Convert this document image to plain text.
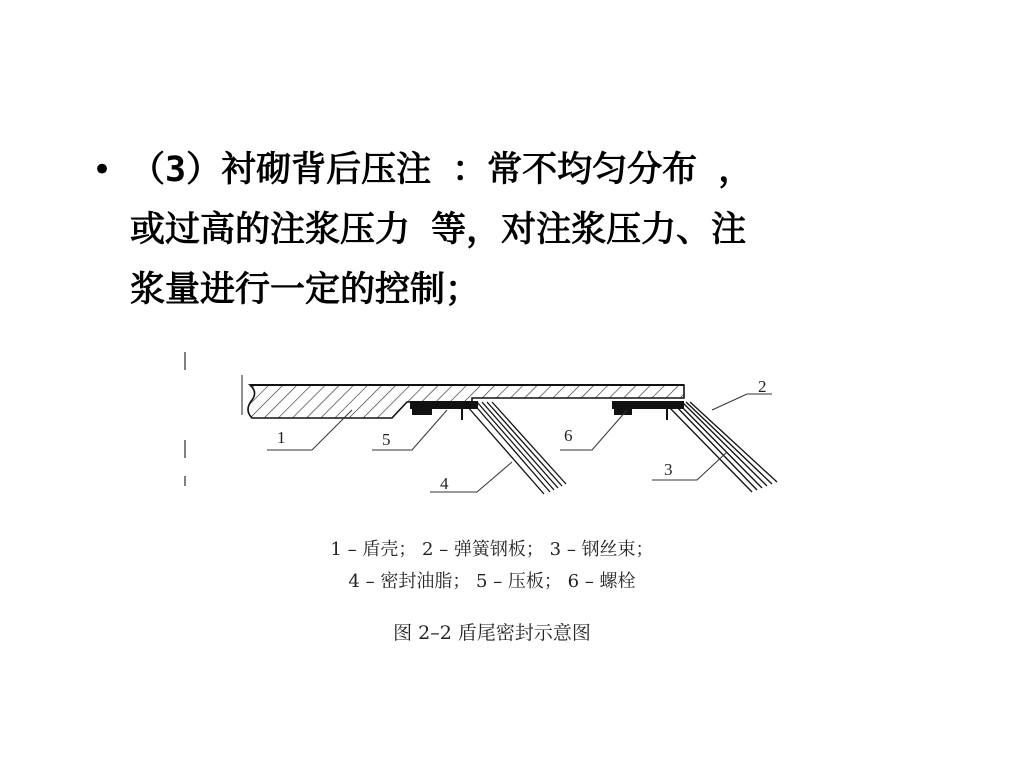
• （3）衬砌背后压注 ：常不均匀分布 ，
或过高的注浆压力 等，对注浆压力、注
浆量进行一定的控制；
1	5	6
2
3
4
1 – 盾壳； 2 – 弹簧钢板； 3 – 钢丝束；
4 – 密封油脂； 5 – 压板； 6 – 螺栓
图 2–2 盾尾密封示意图
